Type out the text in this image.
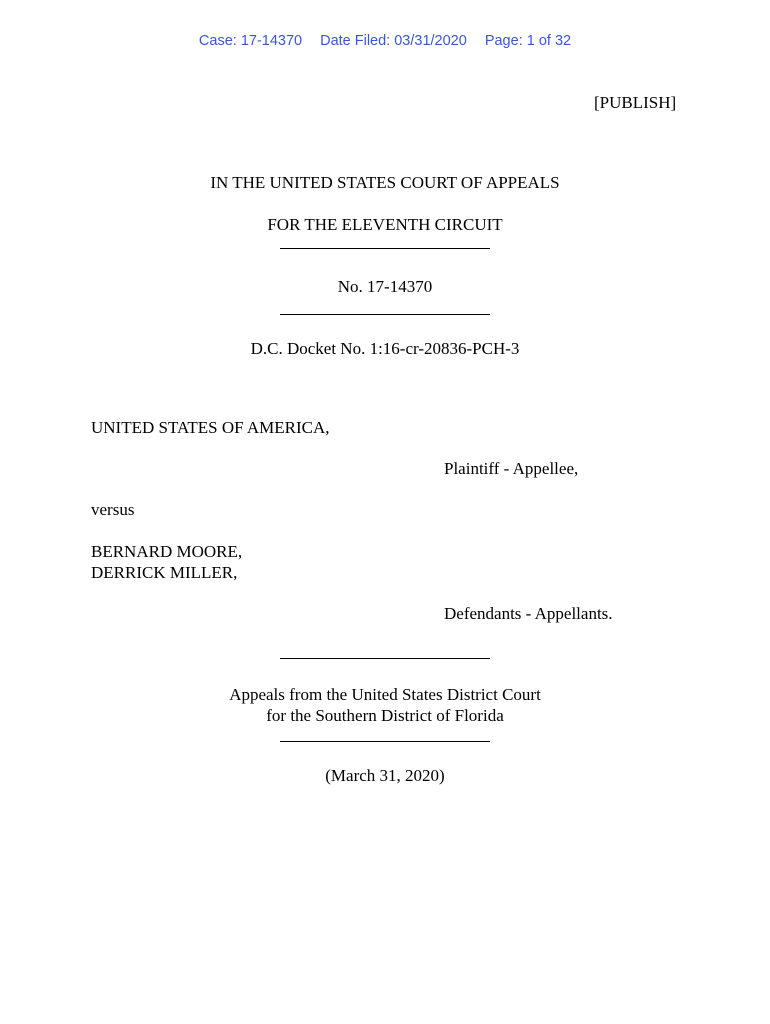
Case: 17-14370 Date Filed: 03/31/2020 Page: 1 of 32
[PUBLISH]
IN THE UNITED STATES COURT OF APPEALS
FOR THE ELEVENTH CIRCUIT
No. 17-14370
D.C. Docket No. 1:16-cr-20836-PCH-3
UNITED STATES OF AMERICA,
Plaintiff - Appellee,
versus
BERNARD MOORE,
DERRICK MILLER,
Defendants - Appellants.
Appeals from the United States District Court
for the Southern District of Florida
(March 31, 2020)
